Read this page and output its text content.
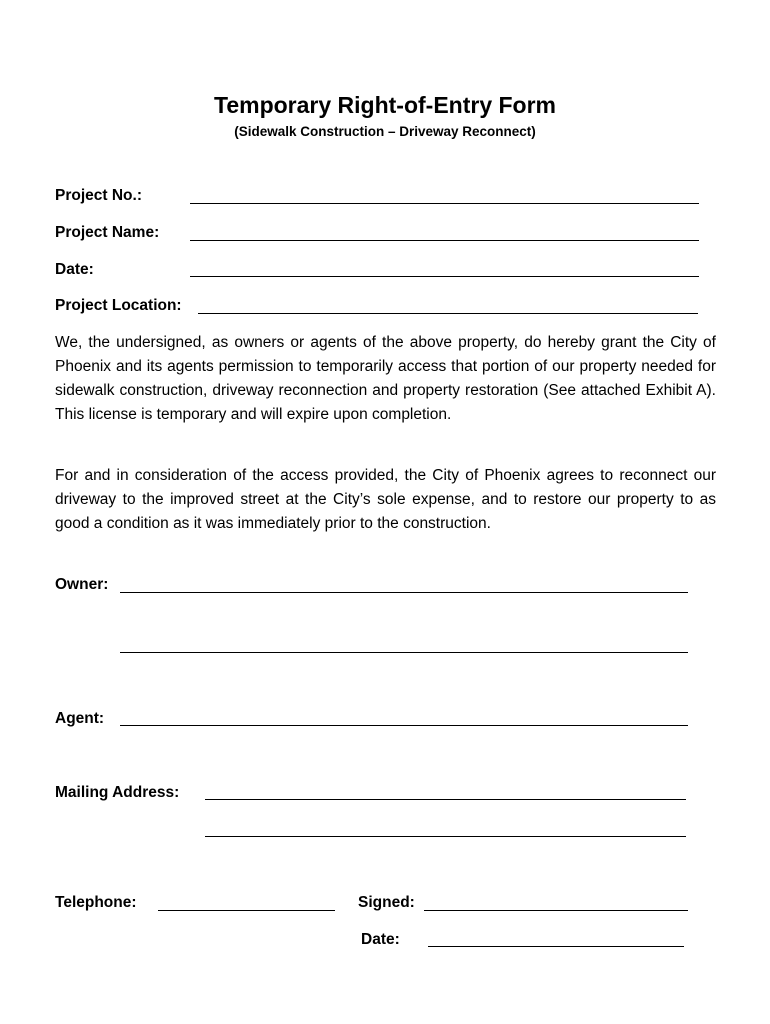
Temporary Right-of-Entry Form
(Sidewalk Construction – Driveway Reconnect)
Project No.:
Project Name:
Date:
Project Location:

We, the undersigned, as owners or agents of the above property, do hereby grant the City of Phoenix and its agents permission to temporarily access that portion of our property needed for sidewalk construction, driveway reconnection and property restoration (See attached Exhibit A). This license is temporary and will expire upon completion.

For and in consideration of the access provided, the City of Phoenix agrees to reconnect our driveway to the improved street at the City’s sole expense, and to restore our property to as good a condition as it was immediately prior to the construction.

Owner:
Agent:
Mailing Address:
Telephone:	Signed:
Date:
